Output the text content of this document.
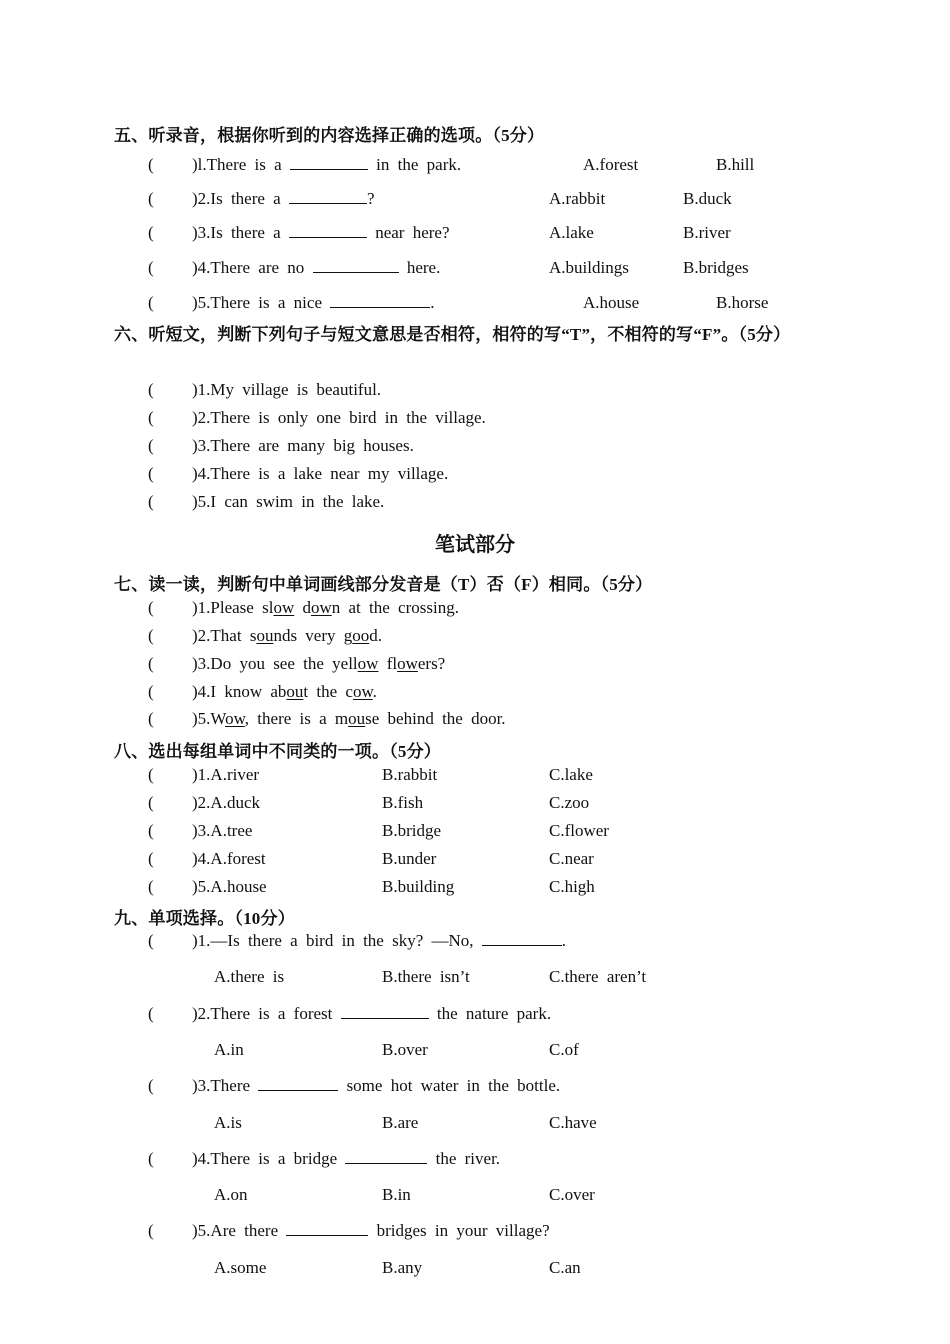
五、听录音，根据你听到的内容选择正确的选项。（5分）
( )l.There is a	in the park.	A.forest	B.hill
( )2.Is there a	?	A.rabbit	B.duck
( )3.Is there a	near here?	A.lake	B.river
( )4.There are no	here.	A.buildings	B.bridges
( )5.There is a nice	.	A.house	B.horse
六、听短文，判断下列句子与短文意思是否相符，相符的写“T”，不相符的写“F”。（5分）
( )1.My village is beautiful.
( )2.There is only one bird in the village.
( )3.There are many big houses.
( )4.There is a lake near my village.
( )5.I can swim in the lake.
笔试部分
七、读一读，判断句中单词画线部分发音是（T）否（F）相同。（5分）
( )1.Please slow down at the crossing.
( )2.That sounds very good.
( )3.Do you see the yellow flowers?
( )4.I know about the cow.
( )5.Wow, there is a mouse behind the door.
八、选出每组单词中不同类的一项。（5分）
( )1.A.river	B.rabbit	C.lake
( )2.A.duck	B.fish	C.zoo
( )3.A.tree	B.bridge	C.flower
( )4.A.forest	B.under	C.near
( )5.A.house	B.building	C.high
九、单项选择。（10分）
( )1.—Is there a bird in the sky? —No,	.
A.there is	B.there isn’t	C.there aren’t
( )2.There is a forest	the nature park.
A.in	B.over	C.of
( )3.There	some hot water in the bottle.
A.is	B.are	C.have
( )4.There is a bridge	the river.
A.on	B.in	C.over
( )5.Are there	bridges in your village?
A.some	B.any	C.an
